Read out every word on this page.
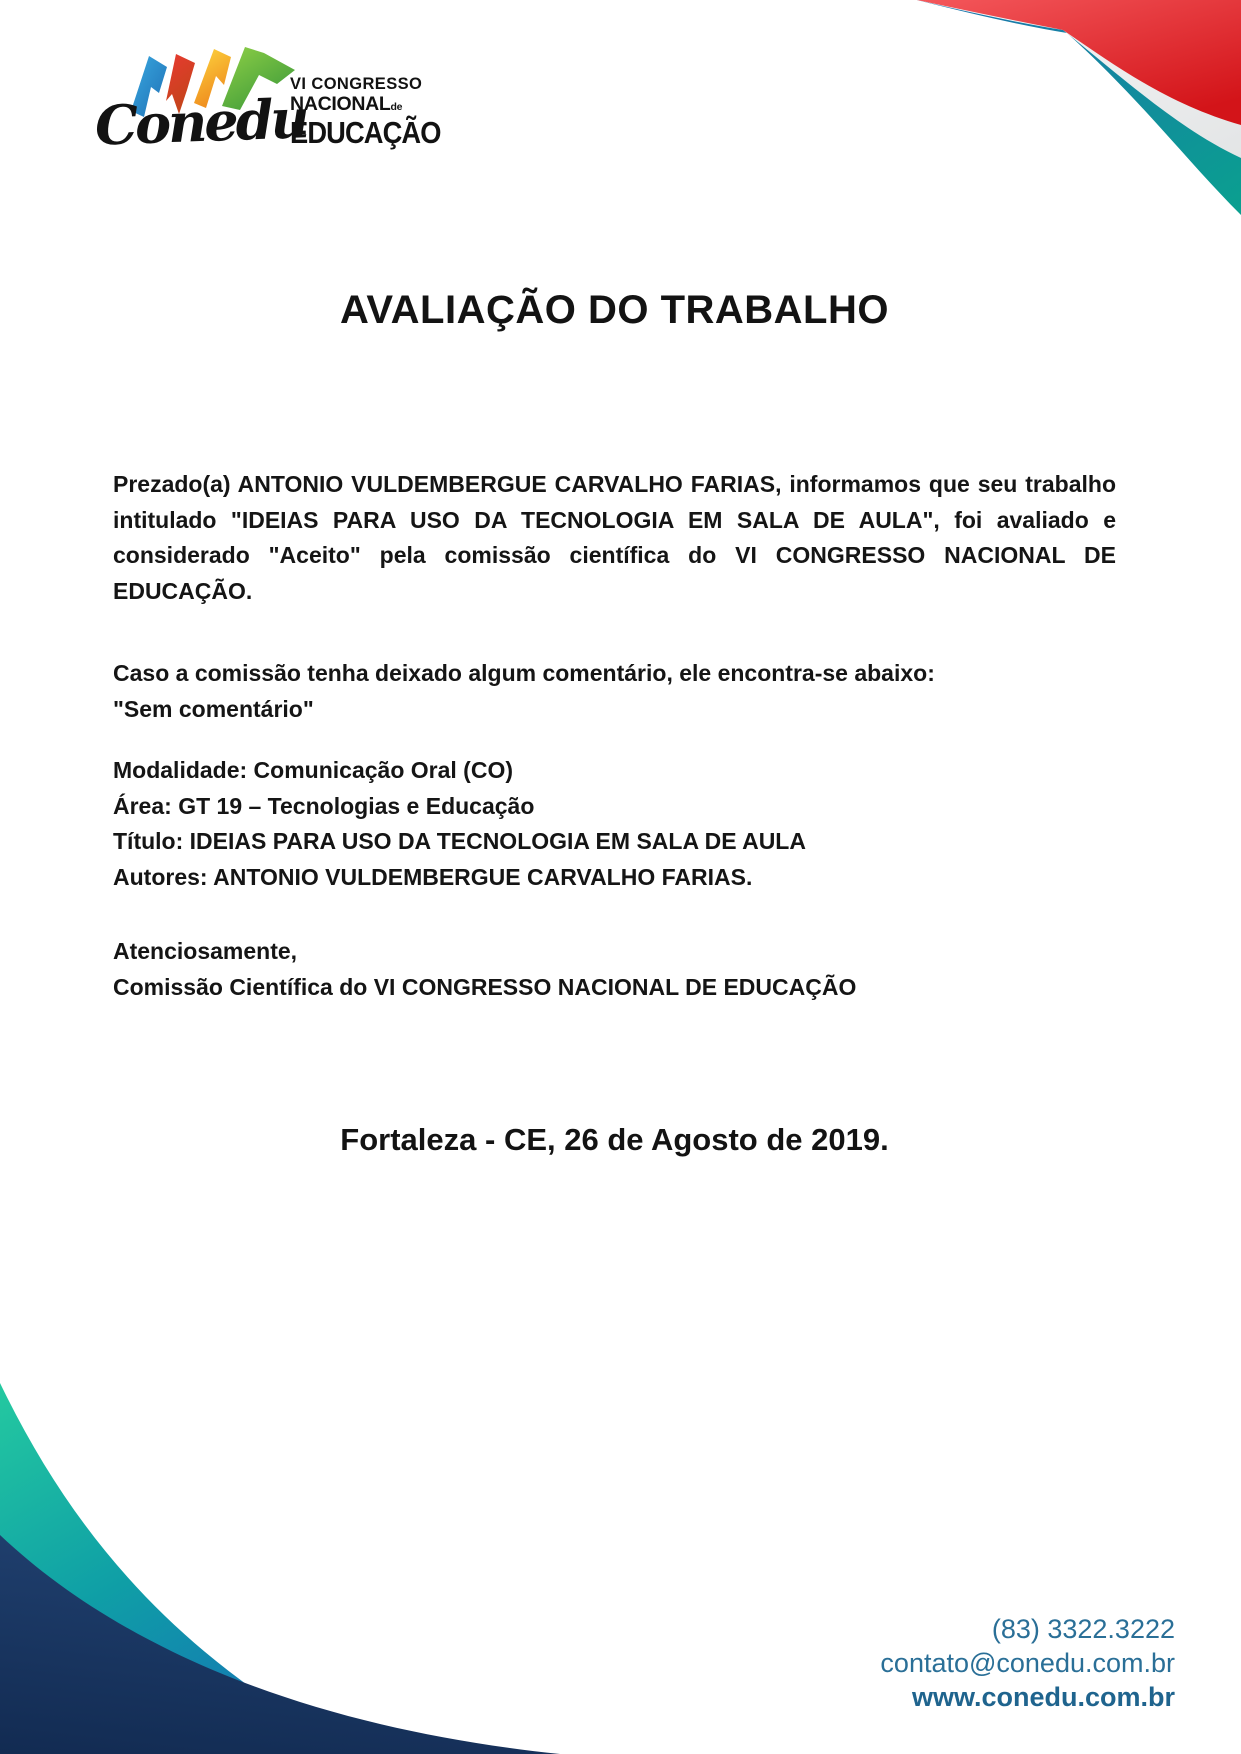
Conedu
VI CONGRESSO
NACIONALde
EDUCAÇÃO
AVALIAÇÃO DO TRABALHO
Prezado(a) ANTONIO VULDEMBERGUE CARVALHO FARIAS, informamos que seu trabalho intitulado "IDEIAS PARA USO DA TECNOLOGIA EM SALA DE AULA", foi avaliado e considerado "Aceito" pela comissão científica do VI CONGRESSO NACIONAL DE EDUCAÇÃO.
Caso a comissão tenha deixado algum comentário, ele encontra-se abaixo:
"Sem comentário"
Modalidade: Comunicação Oral (CO)
Área: GT 19 – Tecnologias e Educação
Título: IDEIAS PARA USO DA TECNOLOGIA EM SALA DE AULA
Autores: ANTONIO VULDEMBERGUE CARVALHO FARIAS.
Atenciosamente,
Comissão Científica do VI CONGRESSO NACIONAL DE EDUCAÇÃO
Fortaleza - CE, 26 de Agosto de 2019.
(83) 3322.3222
contato@conedu.com.br
www.conedu.com.br
